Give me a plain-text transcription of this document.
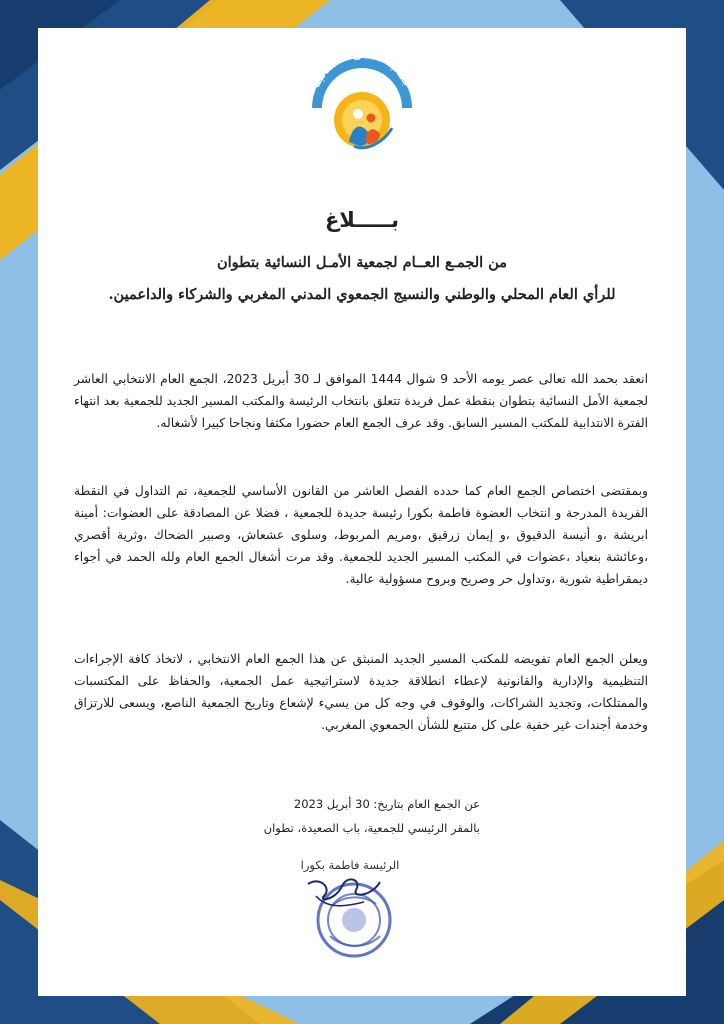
جمعية الأمل النسائية
بـــــلاغ
من الجمـع العــام لجمعية الأمـل النسائية بتطوان
للرأي العام المحلي والوطني والنسيج الجمعوي المدني المغربي والشركاء والداعمين.

انعقد بحمد الله تعالى عصر يومه الأحد 9 شوال 1444 الموافق لـ 30 أبريل 2023، الجمع العام الانتخابي العاشر لجمعية الأمل النسائية بتطوان بنقطة عمل فريدة تتعلق بانتخاب الرئيسة والمكتب المسير الجديد للجمعية بعد انتهاء الفترة الانتدابية للمكتب المسير السابق. وقد عرف الجمع العام حضورا مكثفا ونجاحا كبيرا لأشغاله.

وبمقتضى اختصاص الجمع العام كما حدده الفصل العاشر من القانون الأساسي للجمعية، تم التداول في النقطة الفريدة المدرجة و انتخاب العضوة فاطمة بكورا رئيسة جديدة للجمعية ، فضلا عن المصادقة على العضوات: أمينة ابريشة ،و أنيسة الدقيوق ،و إيمان زرقيق ،ومريم المربوط، وسلوى عشعاش، وصبير الضحاك ،وثرية أقصري ،وعائشة بنعياد ،عضوات في المكتب المسير الجديد للجمعية. وقد مرت أشغال الجمع العام ولله الحمد في أجواء ديمقراطية شورية ،وتداول حر وصريح وبروح مسؤولية عالية.

ويعلن الجمع العام تفويضه للمكتب المسير الجديد المنبثق عن هذا الجمع العام الانتخابي ، لاتخاذ كافة الإجراءات التنظيمية والإدارية والقانونية لإعطاء انطلاقة جديدة لاستراتيجية عمل الجمعية، والحفاظ على المكتسبات والممتلكات، وتجديد الشراكات، والوقوف في وجه كل من يسيء لإشعاع وتاريخ الجمعية الناصع، ويسعى للارتزاق وخدمة أجندات غير خفية على كل متتبع للشأن الجمعوي المغربي.

عن الجمع العام بتاريخ: 30 أبريل 2023
بالمقر الرئيسي للجمعية، باب الصعيدة، تطوان
الرئيسة فاطمة بكورا
